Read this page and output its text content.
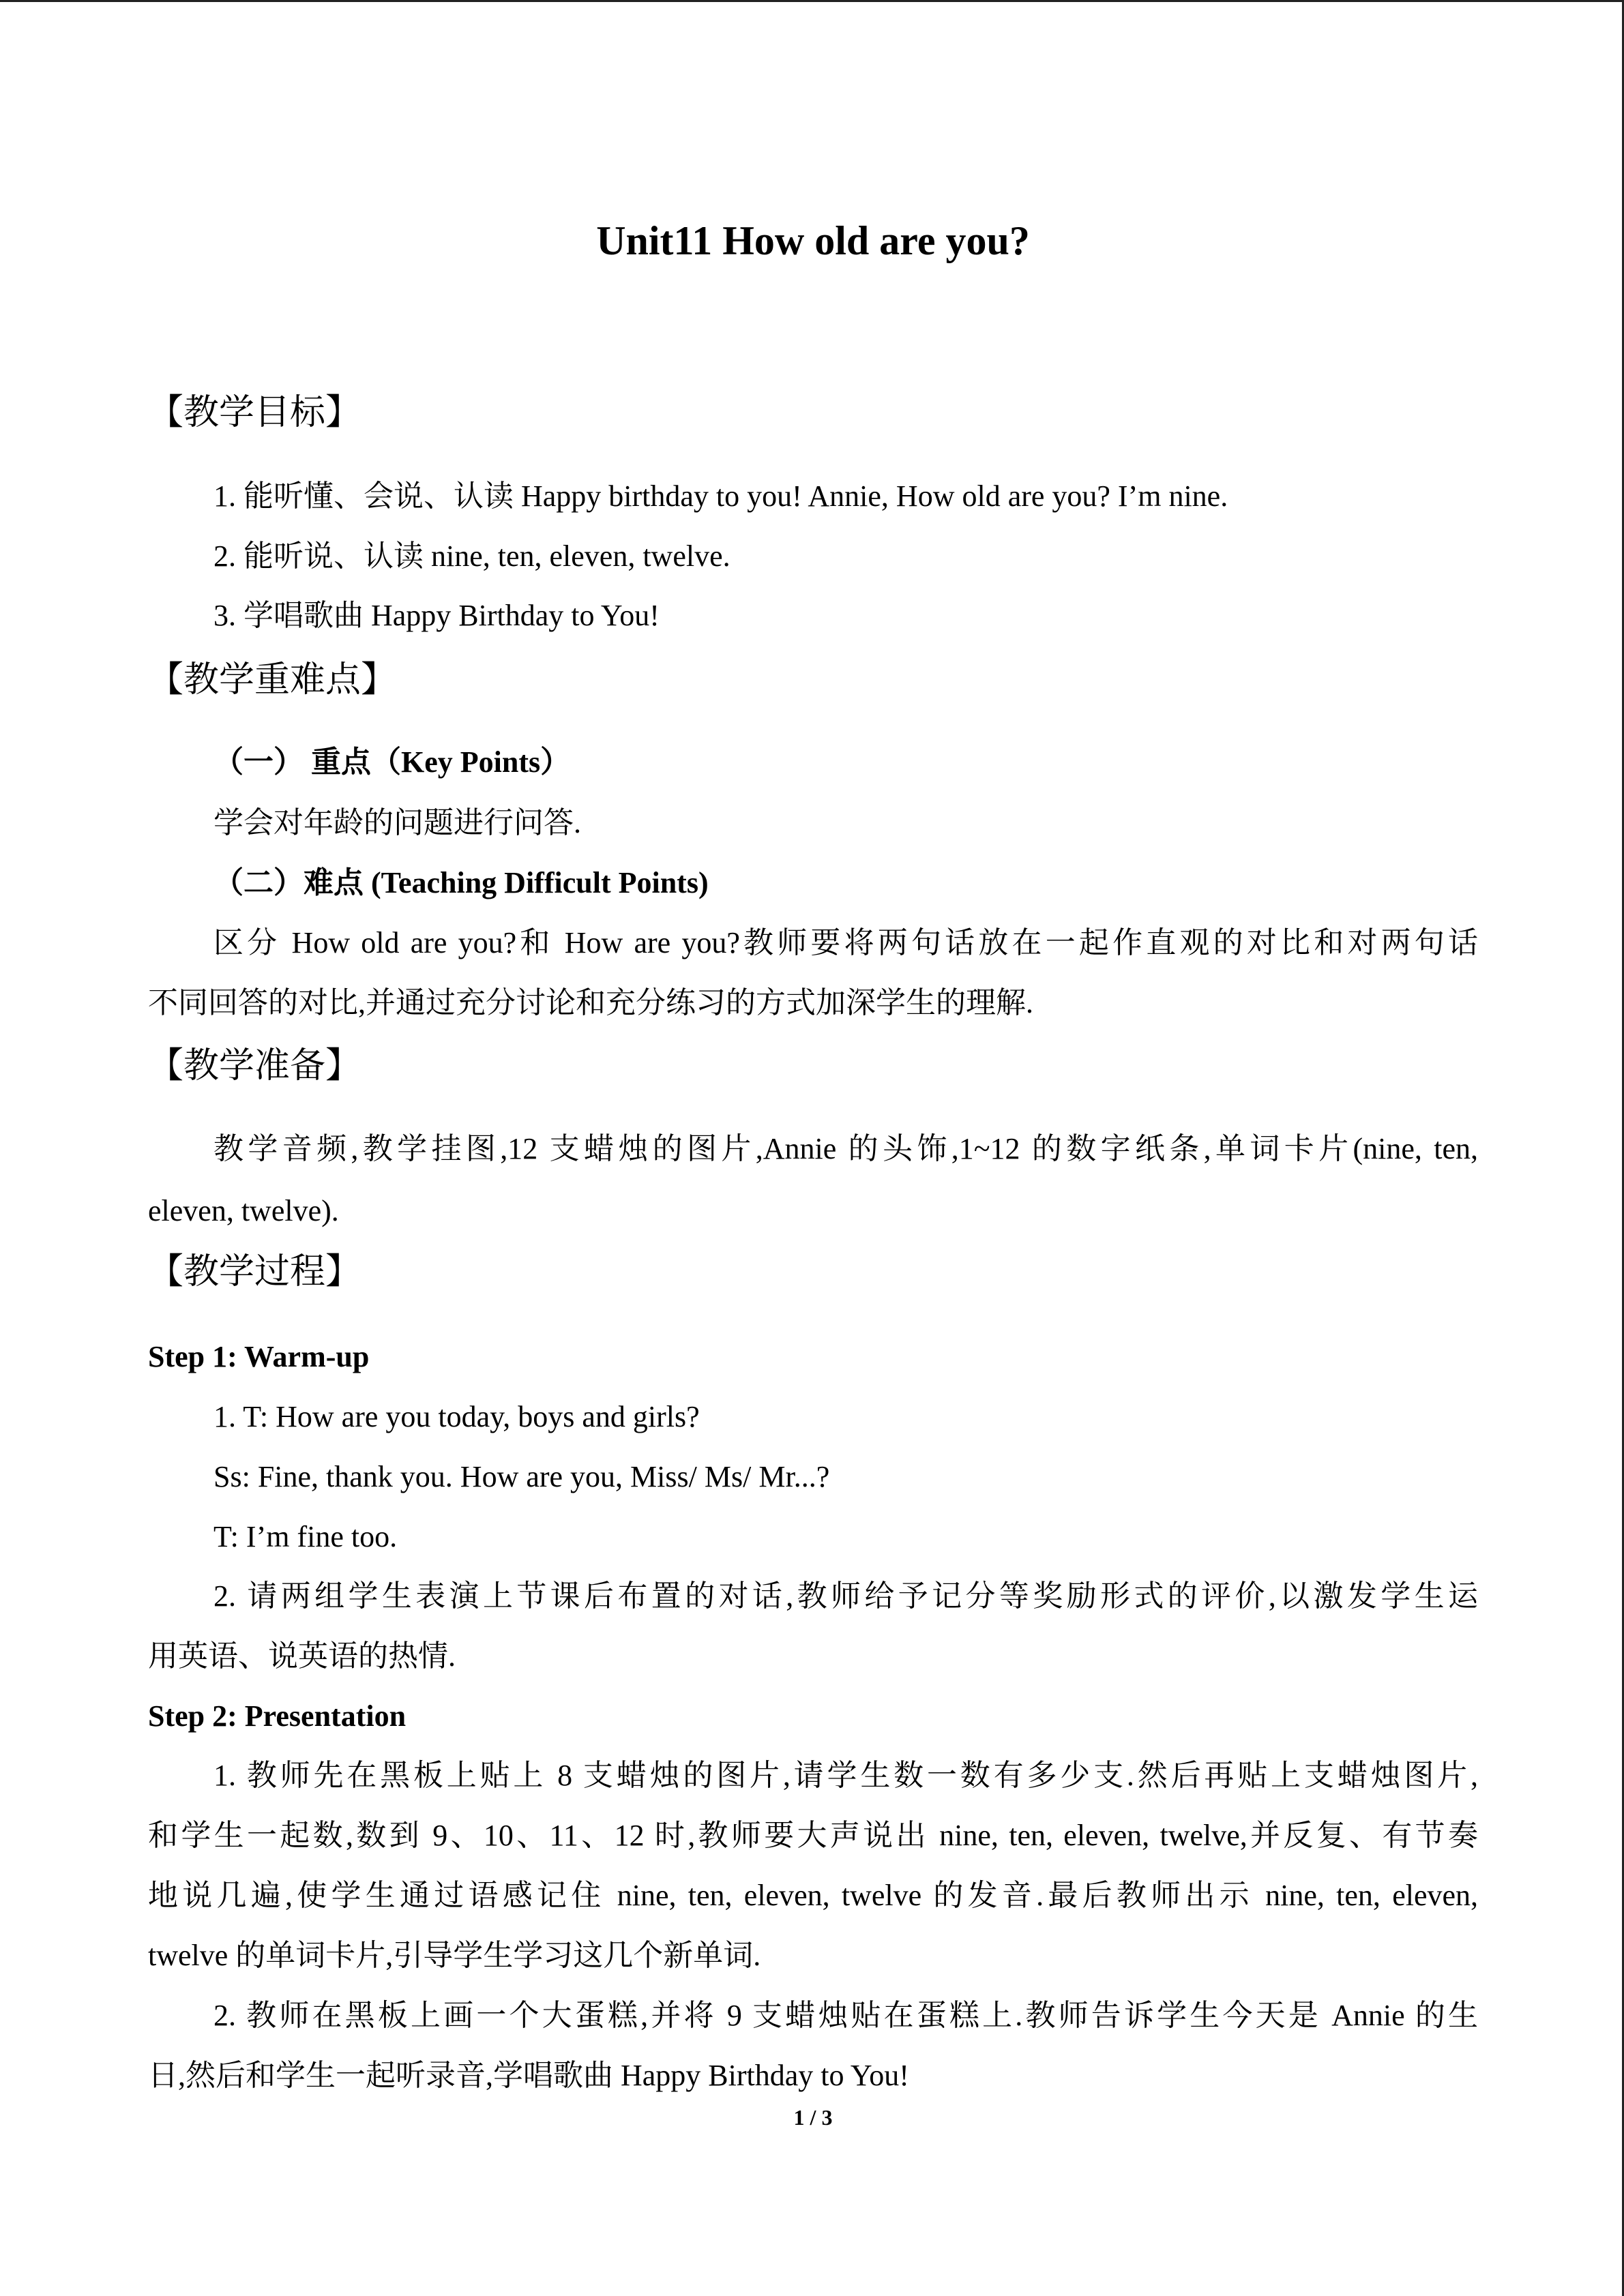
Unit11 How old are you?
【教学目标】
1. 能听懂、会说、认读 Happy birthday to you! Annie, How old are you? I’m nine.
2. 能听说、认读 nine, ten, eleven, twelve.
3. 学唱歌曲 Happy Birthday to You!
【教学重难点】
（一） 重点（Key Points）
学会对年龄的问题进行问答.
（二）难点 (Teaching Difficult Points)
区分 How old are you?和 How are you?教师要将两句话放在一起作直观的对比和对两句话
不同回答的对比,并通过充分讨论和充分练习的方式加深学生的理解.
【教学准备】
教学音频,教学挂图,12 支蜡烛的图片,Annie 的头饰,1~12 的数字纸条,单词卡片(nine, ten,
eleven, twelve).
【教学过程】
Step 1: Warm-up
1. T: How are you today, boys and girls?
Ss: Fine, thank you. How are you, Miss/ Ms/ Mr...?
T: I’m fine too.
2. 请两组学生表演上节课后布置的对话,教师给予记分等奖励形式的评价,以激发学生运
用英语、说英语的热情.
Step 2: Presentation
1. 教师先在黑板上贴上 8 支蜡烛的图片,请学生数一数有多少支.然后再贴上支蜡烛图片,
和学生一起数,数到 9、10、11、12 时,教师要大声说出 nine, ten, eleven, twelve,并反复、有节奏
地说几遍,使学生通过语感记住 nine, ten, eleven, twelve 的发音.最后教师出示 nine, ten, eleven,
twelve 的单词卡片,引导学生学习这几个新单词.
2. 教师在黑板上画一个大蛋糕,并将 9 支蜡烛贴在蛋糕上.教师告诉学生今天是 Annie 的生
日,然后和学生一起听录音,学唱歌曲 Happy Birthday to You!
1 / 3
